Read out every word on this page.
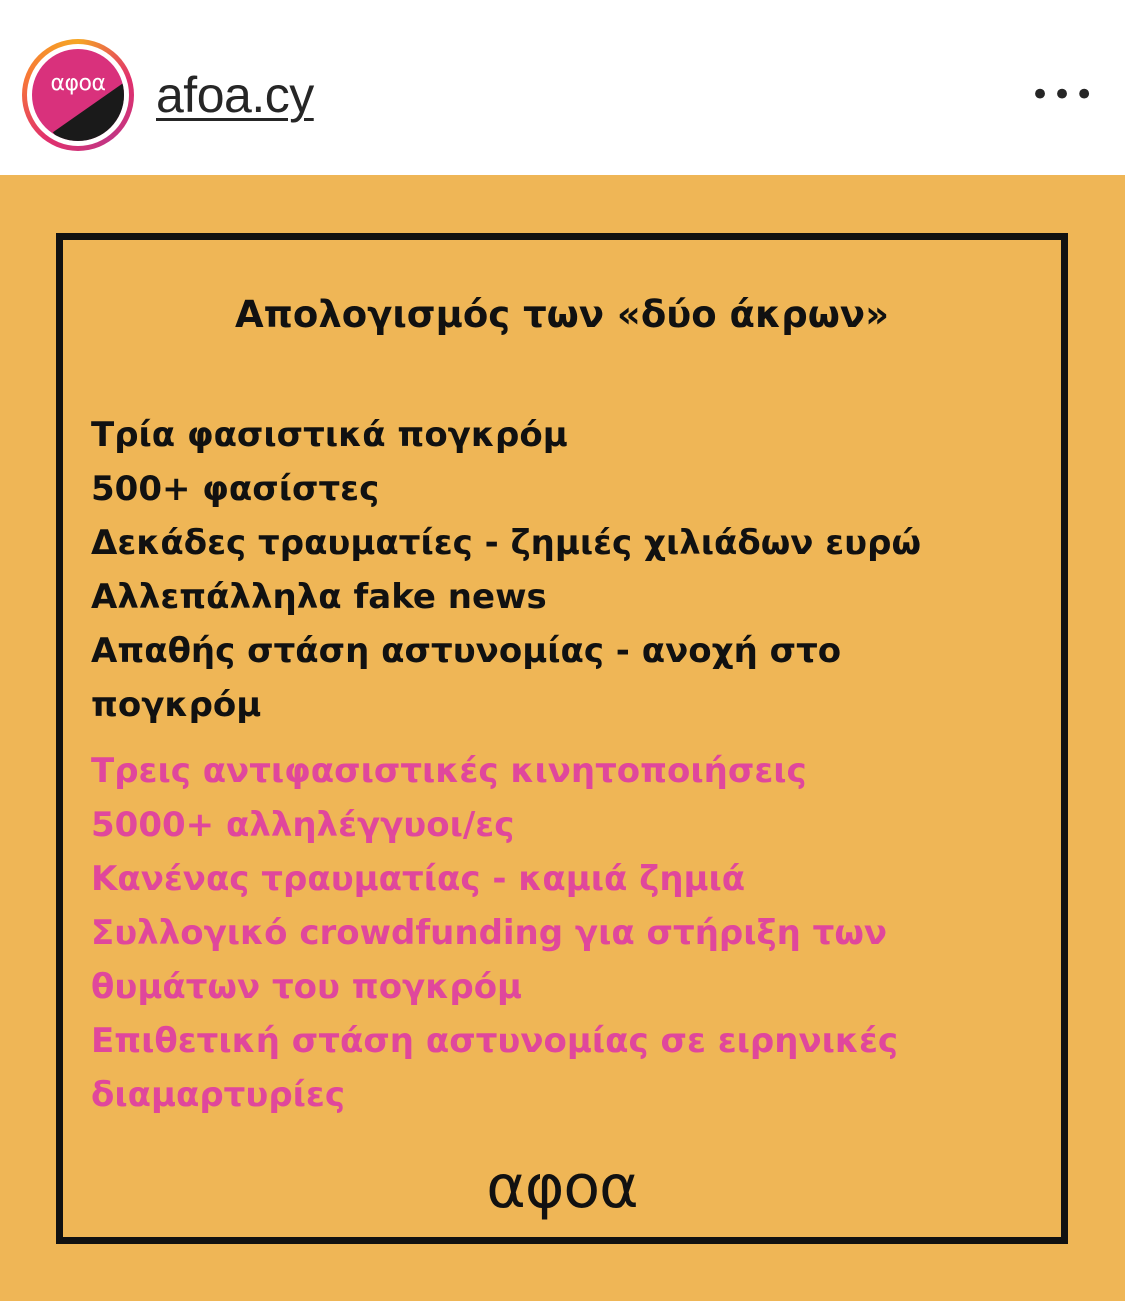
αφοα	afoa.cy	•••
Απολογισμός των «δύο άκρων»
Τρία φασιστικά πογκρόμ
500+ φασίστες
Δεκάδες τραυματίες - ζημιές χιλιάδων ευρώ
Αλλεπάλληλα fake news
Απαθής στάση αστυνομίας - ανοχή στο
πογκρόμ
Τρεις αντιφασιστικές κινητοποιήσεις
5000+ αλληλέγγυοι/ες
Κανένας τραυματίας - καμιά ζημιά
Συλλογικό crowdfunding για στήριξη των
θυμάτων του πογκρόμ
Επιθετική στάση αστυνομίας σε ειρηνικές
διαμαρτυρίες
αφοα
